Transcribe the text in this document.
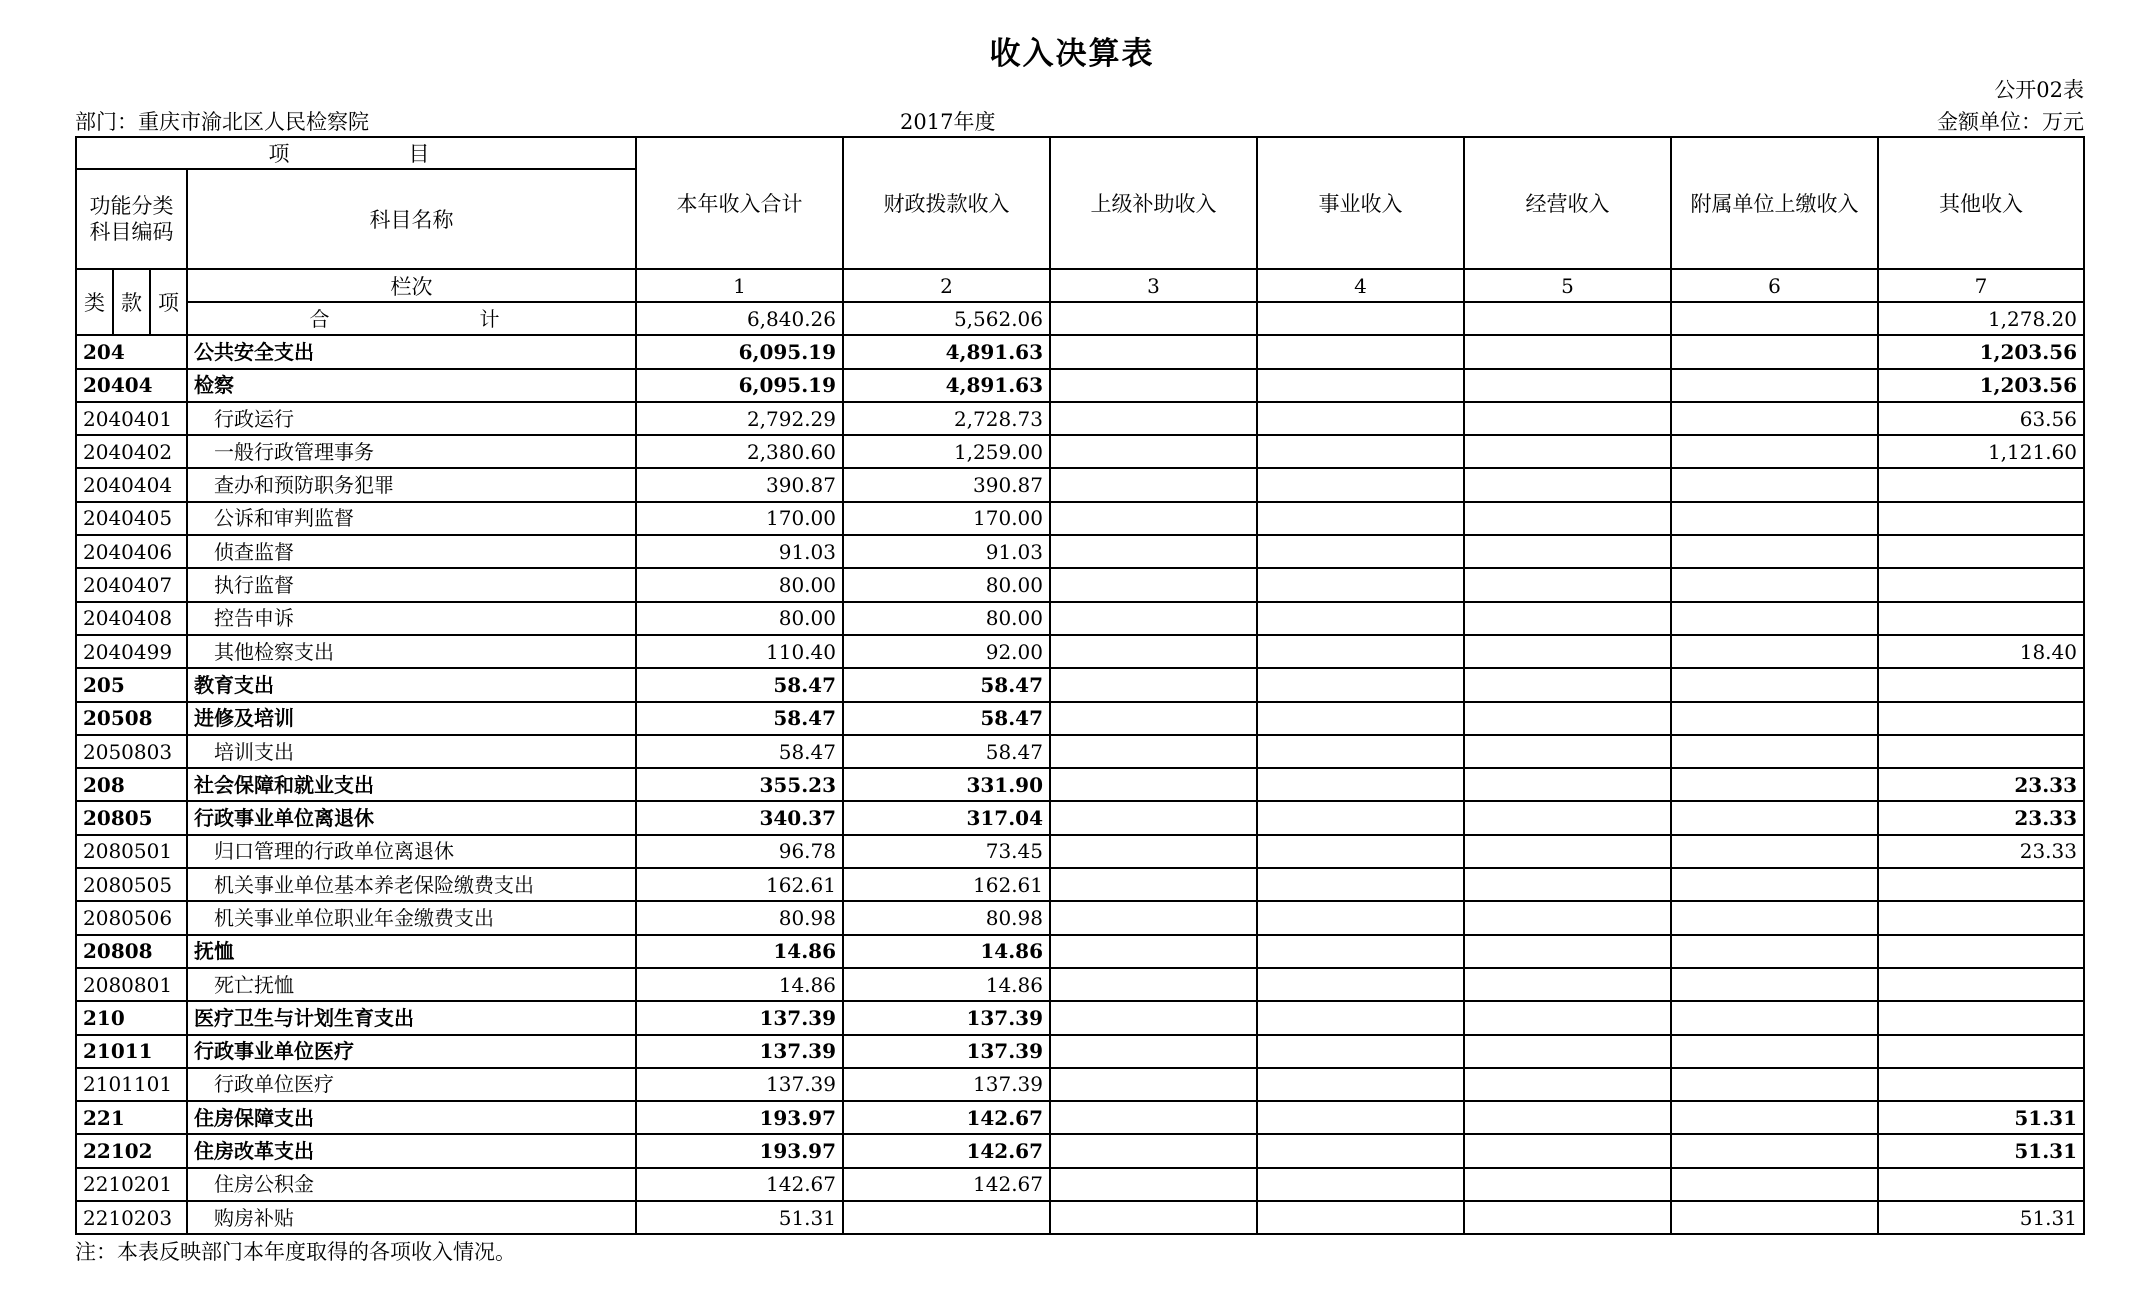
收入决算表
公开02表
部门：重庆市渝北区人民检察院	2017年度	金额单位：万元
项　　　目				本年收入合计	财政拨款收入	上级补助收入	事业收入	经营收入	附属单位上缴收入	其他收入

功能分类
科目编码			科目名称							
类	款	项	栏次	1	2	3	4	5	6	7
			合　　　　计	6,840.26	5,562.06					1,278.20
204			公共安全支出	6,095.19	4,891.63					1,203.56
20404			检察	6,095.19	4,891.63					1,203.56
2040401			行政运行	2,792.29	2,728.73					63.56
2040402			一般行政管理事务	2,380.60	1,259.00					1,121.60
2040404			查办和预防职务犯罪	390.87	390.87					
2040405			公诉和审判监督	170.00	170.00					
2040406			侦查监督	91.03	91.03					
2040407			执行监督	80.00	80.00					
2040408			控告申诉	80.00	80.00					
2040499			其他检察支出	110.40	92.00					18.40
205			教育支出	58.47	58.47					
20508			进修及培训	58.47	58.47					
2050803			培训支出	58.47	58.47					
208			社会保障和就业支出	355.23	331.90					23.33
20805			行政事业单位离退休	340.37	317.04					23.33
2080501			归口管理的行政单位离退休	96.78	73.45					23.33
2080505			机关事业单位基本养老保险缴费支出	162.61	162.61					
2080506			机关事业单位职业年金缴费支出	80.98	80.98					
20808			抚恤	14.86	14.86					
2080801			死亡抚恤	14.86	14.86					
210			医疗卫生与计划生育支出	137.39	137.39					
21011			行政事业单位医疗	137.39	137.39					
2101101			行政单位医疗	137.39	137.39					
221			住房保障支出	193.97	142.67					51.31
22102			住房改革支出	193.97	142.67					51.31
2210201			住房公积金	142.67	142.67					
2210203			购房补贴	51.31						51.31
注：本表反映部门本年度取得的各项收入情况。
